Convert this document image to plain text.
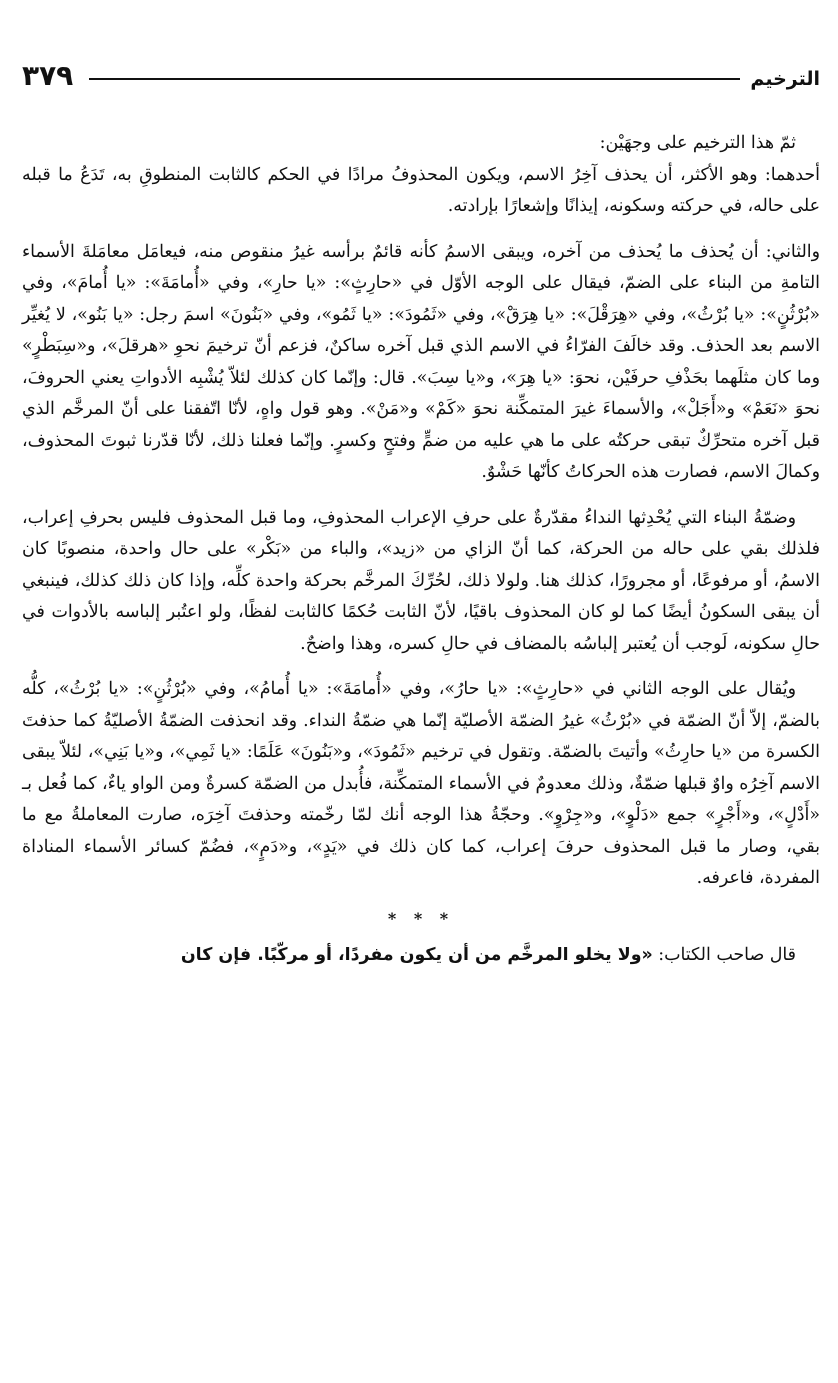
الترخيم
٣٧٩

ثمّ هذا الترخيم على وجهَيْن:

أحدهما: وهو الأكثر، أن يحذف آخِرُ الاسم، ويكون المحذوفُ مرادًا في الحكم كالثابت المنطوقِ به، تَدَعُ ما قبله على حاله، في حركته وسكونه، إيذانًا وإشعارًا بإرادته.

والثاني: أن يُحذف ما يُحذف من آخره، ويبقى الاسمُ كأنه قائمٌ برأسه غيرُ منقوص منه، فيعامَل معامَلةَ الأسماء التامةِ من البناء على الضمّ، فيقال على الوجه الأوّل في «حارِثٍ»: «يا حارِ»، وفي «أُمامَةَ»: «يا أُمامَ»، وفي «بُرْثُنٍ»: «يا بُرْثُ»، وفي «هِرَقْلَ»: «يا هِرَقْ»، وفي «ثَمُودَ»: «يا ثَمُو»، وفي «بَنُونَ» اسمَ رجل: «يا بَنُو»، لا يُغيِّر الاسم بعد الحذف. وقد خالَفَ الفرّاءُ في الاسم الذي قبل آخره ساكنٌ، فزعم أنّ ترخيمَ نحوِ «هرقلَ»، و«سِبَطْرٍ» وما كان مثلَهما بحَذْفِ حرفَيْن، نحوَ: «يا هِرَ»، و«يا سِبَ». قال: وإنّما كان كذلك لئلاّ يُشْبِه الأدواتِ يعني الحروفَ، نحوَ «نَعَمْ» و«أَجَلْ»، والأسماءَ غيرَ المتمكِّنة نحوَ «كَمْ» و«مَنْ». وهو قول واهٍ، لأنّا اتّفقنا على أنّ المرخَّم الذي قبل آخره متحرِّكٌ تبقى حركتُه على ما هي عليه من ضمٍّ وفتحٍ وكسرٍ. وإنّما فعلنا ذلك، لأنّا قدّرنا ثبوتَ المحذوف، وكمالَ الاسم، فصارت هذه الحركاتُ كأنّها حَشْوٌ.

وضمّةُ البناء التي يُحْدِثها النداءُ مقدّرةٌ على حرفِ الإعراب المحذوفِ، وما قبل المحذوف فليس بحرفِ إعراب، فلذلك بقي على حاله من الحركة، كما أنّ الزاي من «زيد»، والباء من «بَكْر» على حال واحدة، منصوبًا كان الاسمُ، أو مرفوعًا، أو مجرورًا، كذلك هنا. ولولا ذلك، لحُرِّكَ المرخَّم بحركة واحدة كلِّه، وإذا كان ذلك كذلك، فينبغي أن يبقى السكونُ أيضًا كما لو كان المحذوف باقيًا، لأنّ الثابت حُكمًا كالثابت لفظًا، ولو اعتُبر إلباسه بالأدوات في حالِ سكونه، لَوجب أن يُعتبر إلباسُه بالمضاف في حالِ كسره، وهذا واضحٌ.

ويُقال على الوجه الثاني في «حارِثٍ»: «يا حارُ»، وفي «أُمامَةَ»: «يا أُمامُ»، وفي «بُرْثُنٍ»: «يا بُرْثُ»، كلُّه بالضمّ، إلاّ أنّ الضمّة في «بُرْثُ» غيرُ الضمّة الأصليّة إنّما هي ضمّةُ النداء. وقد انحذفت الضمّةُ الأصليّةُ كما حذفتَ الكسرة من «يا حارِثُ» وأتيتَ بالضمّة. وتقول في ترخيم «ثَمُودَ»، و«بَنُونَ» عَلَمًا: «يا ثَمِي»، و«يا بَنِي»، لئلاّ يبقى الاسم آخِرُه واوٌ قبلها ضمّةٌ، وذلك معدومٌ في الأسماء المتمكِّنة، فأُبدل من الضمّة كسرةٌ ومن الواو ياءٌ، كما فُعل بـ «أَدْلٍ»، و«أَجْرٍ» جمع «دَلْوٍ»، و«جِرْوٍ». وحجّةُ هذا الوجه أنك لمّا رخّمته وحذفتَ آخِرَه، صارت المعاملةُ مع ما بقي، وصار ما قبل المحذوف حرفَ إعراب، كما كان ذلك في «يَدٍ»، و«دَمٍ»، فضُمّ كسائر الأسماء المناداة المفردة، فاعرفه.

* * *

قال صاحب الكتاب: «ولا يخلو المرخَّم من أن يكون مفردًا، أو مركّبًا. فإن كان
